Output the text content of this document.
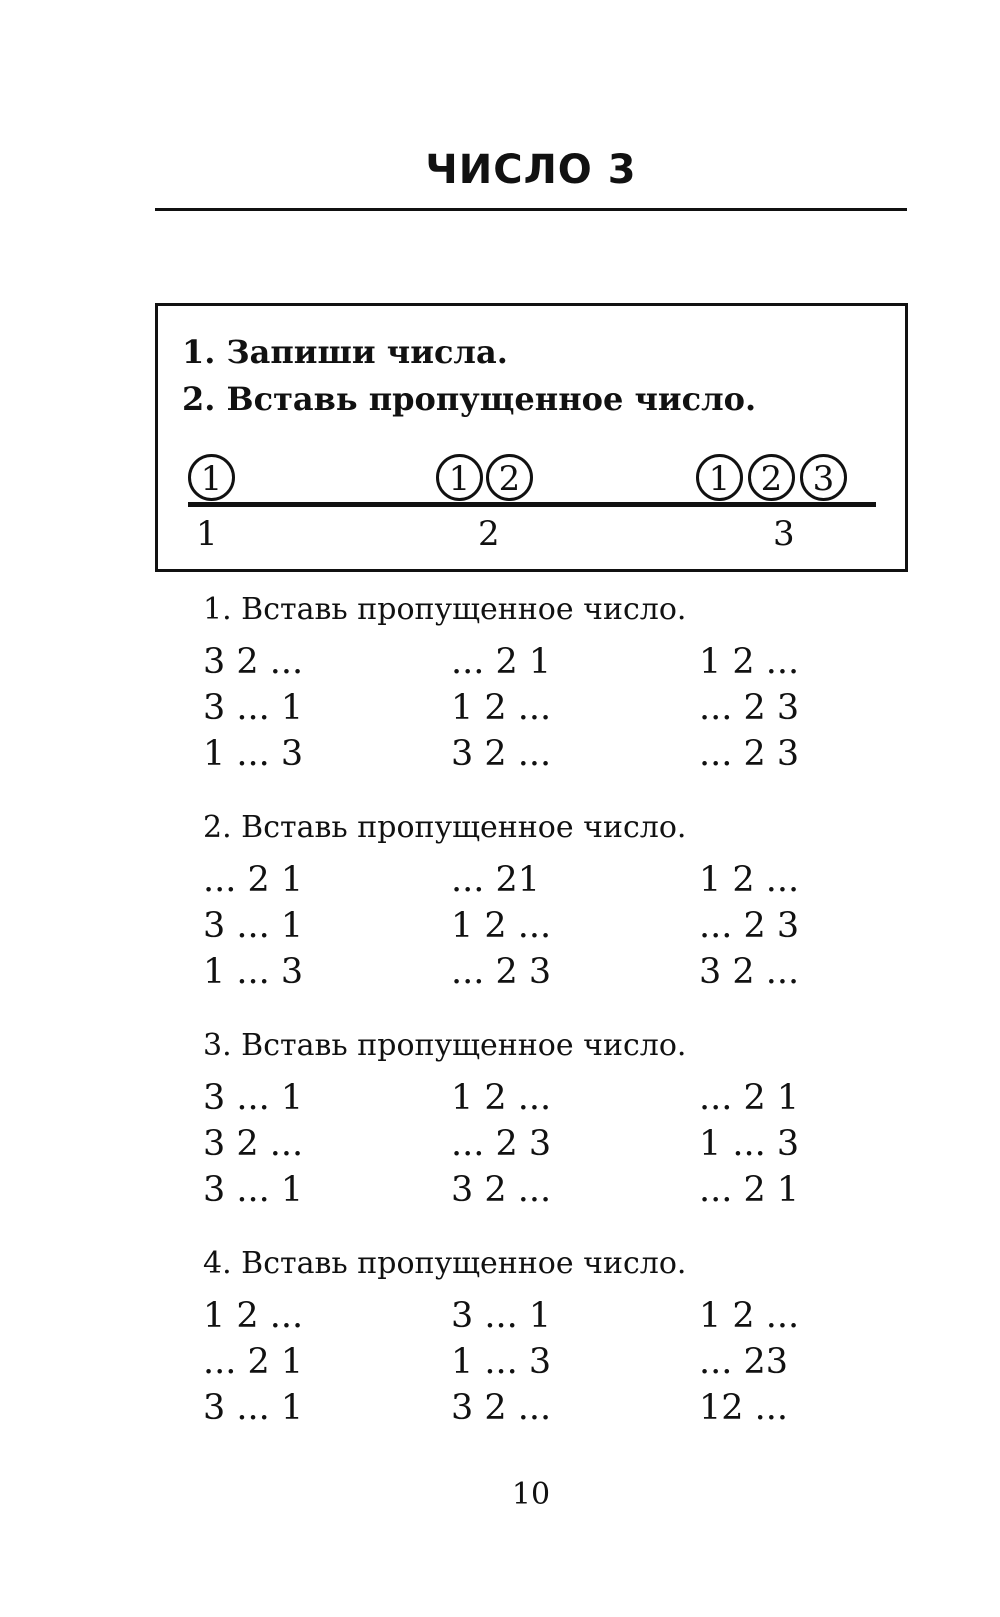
ЧИСЛО 3
1. Запиши числа.
2. Вставь пропущенное число.
1	1 2	1 2 3
1	2	3
1. Вставь пропущенное число.
3 2 ...	... 2 1	1 2 ...
3 ... 1	1 2 ...	... 2 3
1 ... 3	3 2 ...	... 2 3
2. Вставь пропущенное число.
... 2 1	... 21	1 2 ...
3 ... 1	1 2 ...	... 2 3
1 ... 3	... 2 3	3 2 ...
3. Вставь пропущенное число.
3 ... 1	1 2 ...	... 2 1
3 2 ...	... 2 3	1 ... 3
3 ... 1	3 2 ...	... 2 1
4. Вставь пропущенное число.
1 2 ...	3 ... 1	1 2 ...
... 2 1	1 ... 3	... 23
3 ... 1	3 2 ...	12 ...
10
